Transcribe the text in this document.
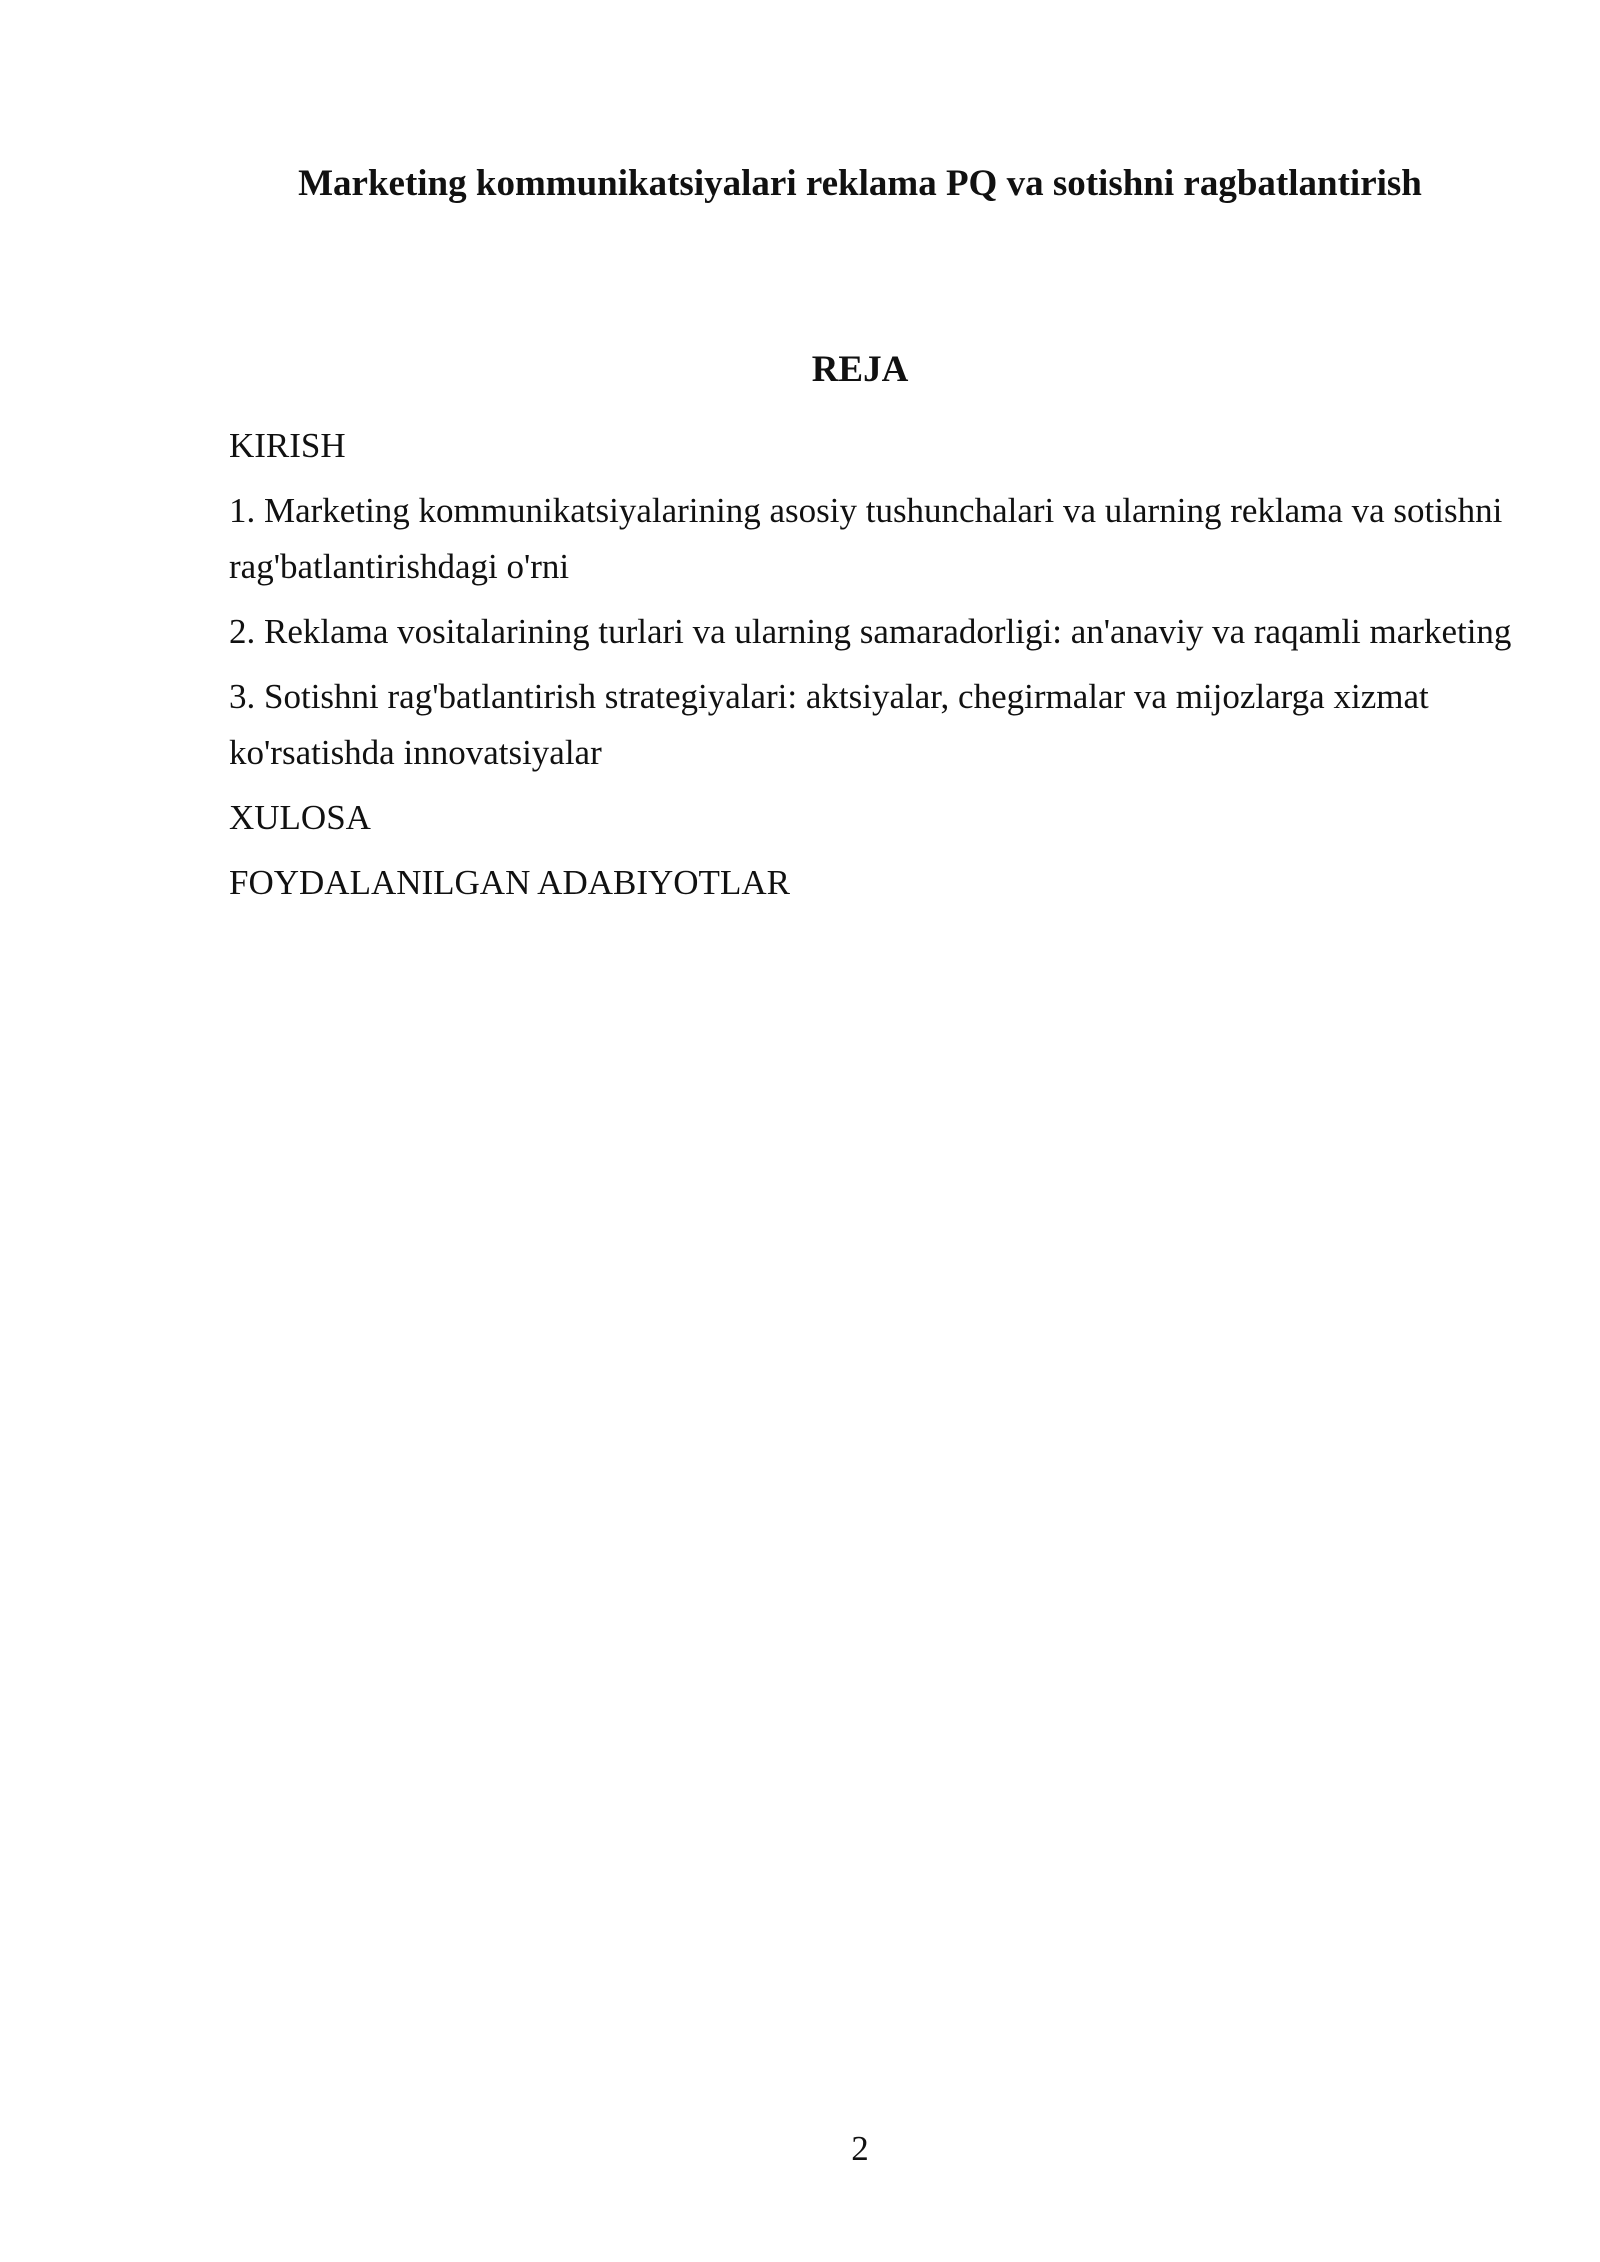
Marketing kommunikatsiyalari reklama PQ va sotishni ragbatlantirish
REJA
KIRISH
1. Marketing kommunikatsiyalarining asosiy tushunchalari va ularning reklama va sotishni rag'batlantirishdagi o'rni
2. Reklama vositalarining turlari va ularning samaradorligi: an'anaviy va raqamli marketing
3. Sotishni rag'batlantirish strategiyalari: aktsiyalar, chegirmalar va mijozlarga xizmat ko'rsatishda innovatsiyalar
XULOSA
FOYDALANILGAN ADABIYOTLAR
2
